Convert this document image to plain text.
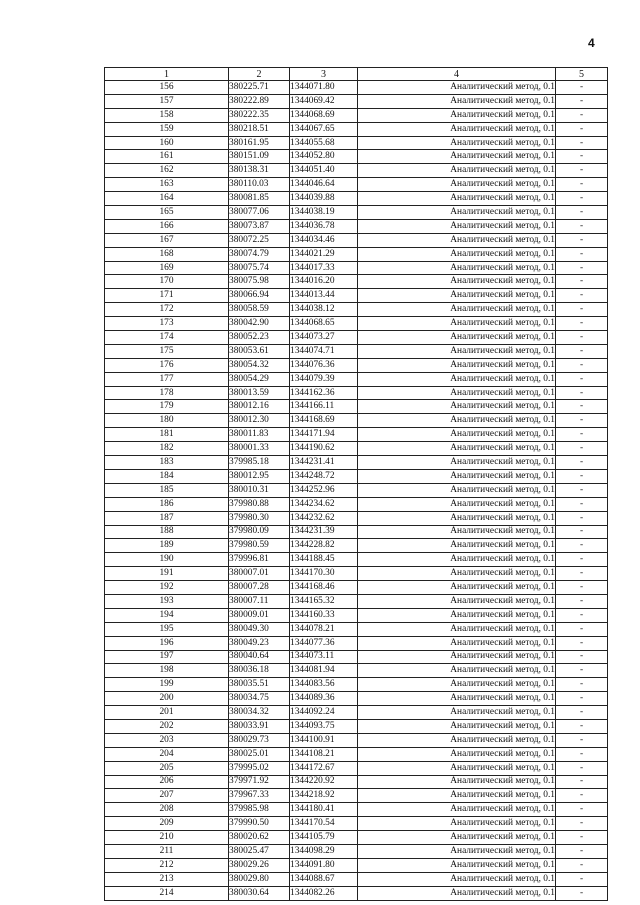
4
1	2	3	4	5
156	380225.71	1344071.80	Аналитический метод, 0.1	-
157	380222.89	1344069.42	Аналитический метод, 0.1	-
158	380222.35	1344068.69	Аналитический метод, 0.1	-
159	380218.51	1344067.65	Аналитический метод, 0.1	-
160	380161.95	1344055.68	Аналитический метод, 0.1	-
161	380151.09	1344052.80	Аналитический метод, 0.1	-
162	380138.31	1344051.40	Аналитический метод, 0.1	-
163	380110.03	1344046.64	Аналитический метод, 0.1	-
164	380081.85	1344039.88	Аналитический метод, 0.1	-
165	380077.06	1344038.19	Аналитический метод, 0.1	-
166	380073.87	1344036.78	Аналитический метод, 0.1	-
167	380072.25	1344034.46	Аналитический метод, 0.1	-
168	380074.79	1344021.29	Аналитический метод, 0.1	-
169	380075.74	1344017.33	Аналитический метод, 0.1	-
170	380075.98	1344016.20	Аналитический метод, 0.1	-
171	380066.94	1344013.44	Аналитический метод, 0.1	-
172	380058.59	1344038.12	Аналитический метод, 0.1	-
173	380042.90	1344068.65	Аналитический метод, 0.1	-
174	380052.23	1344073.27	Аналитический метод, 0.1	-
175	380053.61	1344074.71	Аналитический метод, 0.1	-
176	380054.32	1344076.36	Аналитический метод, 0.1	-
177	380054.29	1344079.39	Аналитический метод, 0.1	-
178	380013.59	1344162.36	Аналитический метод, 0.1	-
179	380012.16	1344166.11	Аналитический метод, 0.1	-
180	380012.30	1344168.69	Аналитический метод, 0.1	-
181	380011.83	1344171.94	Аналитический метод, 0.1	-
182	380001.33	1344190.62	Аналитический метод, 0.1	-
183	379985.18	1344231.41	Аналитический метод, 0.1	-
184	380012.95	1344248.72	Аналитический метод, 0.1	-
185	380010.31	1344252.96	Аналитический метод, 0.1	-
186	379980.88	1344234.62	Аналитический метод, 0.1	-
187	379980.30	1344232.62	Аналитический метод, 0.1	-
188	379980.09	1344231.39	Аналитический метод, 0.1	-
189	379980.59	1344228.82	Аналитический метод, 0.1	-
190	379996.81	1344188.45	Аналитический метод, 0.1	-
191	380007.01	1344170.30	Аналитический метод, 0.1	-
192	380007.28	1344168.46	Аналитический метод, 0.1	-
193	380007.11	1344165.32	Аналитический метод, 0.1	-
194	380009.01	1344160.33	Аналитический метод, 0.1	-
195	380049.30	1344078.21	Аналитический метод, 0.1	-
196	380049.23	1344077.36	Аналитический метод, 0.1	-
197	380040.64	1344073.11	Аналитический метод, 0.1	-
198	380036.18	1344081.94	Аналитический метод, 0.1	-
199	380035.51	1344083.56	Аналитический метод, 0.1	-
200	380034.75	1344089.36	Аналитический метод, 0.1	-
201	380034.32	1344092.24	Аналитический метод, 0.1	-
202	380033.91	1344093.75	Аналитический метод, 0.1	-
203	380029.73	1344100.91	Аналитический метод, 0.1	-
204	380025.01	1344108.21	Аналитический метод, 0.1	-
205	379995.02	1344172.67	Аналитический метод, 0.1	-
206	379971.92	1344220.92	Аналитический метод, 0.1	-
207	379967.33	1344218.92	Аналитический метод, 0.1	-
208	379985.98	1344180.41	Аналитический метод, 0.1	-
209	379990.50	1344170.54	Аналитический метод, 0.1	-
210	380020.62	1344105.79	Аналитический метод, 0.1	-
211	380025.47	1344098.29	Аналитический метод, 0.1	-
212	380029.26	1344091.80	Аналитический метод, 0.1	-
213	380029.80	1344088.67	Аналитический метод, 0.1	-
214	380030.64	1344082.26	Аналитический метод, 0.1	-
